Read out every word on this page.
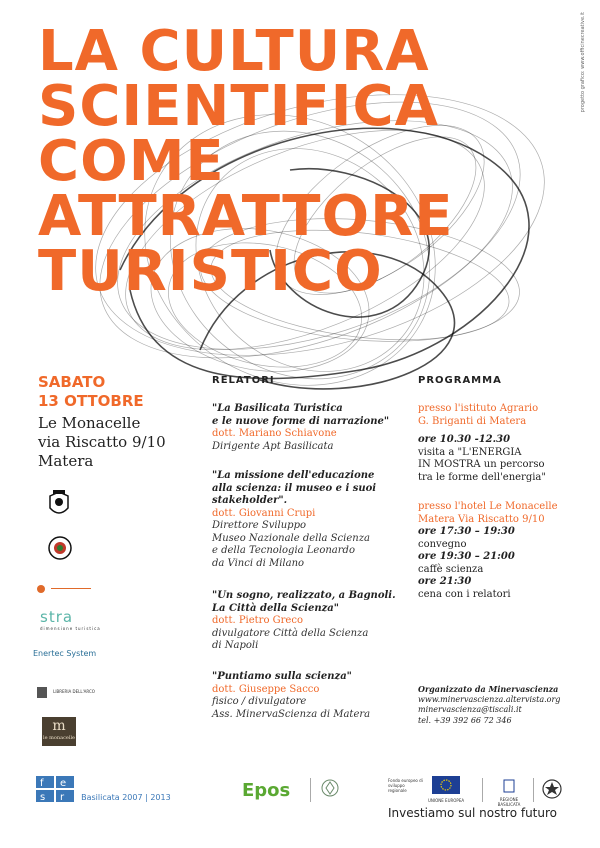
progetto grafico: www.officinecreative.it
LA CULTURA
SCIENTIFICA
COME
ATTRATTORE
TURISTICO
SABATO
13 OTTOBRE
Le Monacelle
via Riscatto 9/10
Matera
RELATORI	PROGRAMMA
"La Basilicata Turistica
e le nuove forme di narrazione"
dott. Mariano Schiavone
Dirigente Apt Basilicata
"La missione dell'educazione
alla scienza: il museo e i suoi
stakeholder".
dott. Giovanni Crupi
Direttore Sviluppo
Museo Nazionale della Scienza
e della Tecnologia Leonardo
da Vinci di Milano
"Un sogno, realizzato, a Bagnoli.
La Città della Scienza"
dott. Pietro Greco
divulgatore Città della Scienza
di Napoli
"Puntiamo sulla scienza"
dott. Giuseppe Sacco
fisico / divulgatore
Ass. MinervaScienza di Matera
presso l'istituto Agrario
G. Briganti di Matera
ore 10.30 -12.30
visita a "L'ENERGIA
IN MOSTRA un percorso
tra le forme dell'energia"
presso l'hotel Le Monacelle
Matera Via Riscatto 9/10
ore 17:30 – 19:30
convegno
ore 19:30 – 21:00
caffè scienza
ore 21:30
cena con i relatori
Organizzato da Minervascienza
www.minervascienza.altervista.org
minervascienza@tiscali.it
tel. +39 392 66 72 346

stra
dimensione turistica
Enertec System
LIBRERIA DELL'ARCO
m
le monacelle
f e
s r Basilicata 2007 | 2013	Epos	Fondo europeo di sviluppo regionale
UNIONE EUROPEA	REGIONE BASILICATA
Investiamo sul nostro futuro
